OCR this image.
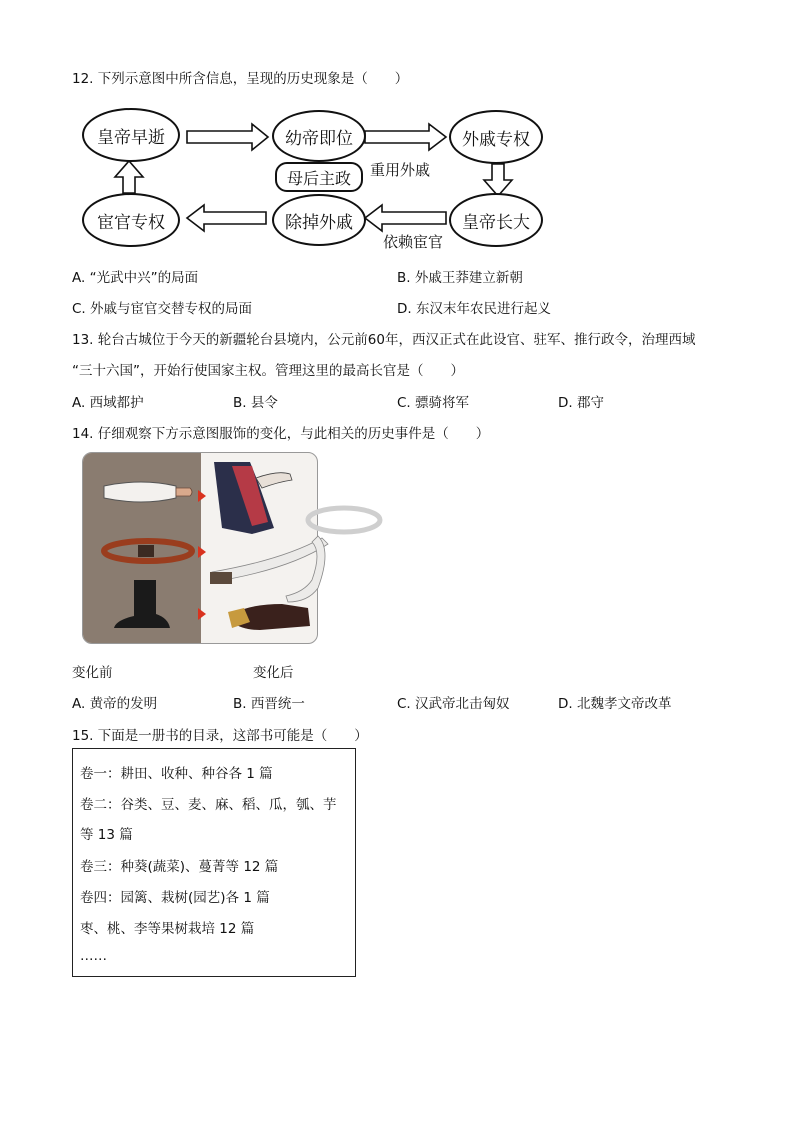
12. 下列示意图中所含信息，呈现的历史现象是（　　）
皇帝早逝	幼帝即位	外戚专权
皇帝长大
除掉外戚
宦官专权
母后主政	重用外戚
依赖宦官
A. “光武中兴”的局面	B. 外戚王莽建立新朝
C. 外戚与宦官交替专权的局面	D. 东汉末年农民进行起义
13. 轮台古城位于今天的新疆轮台县境内，公元前60年，西汉正式在此设官、驻军、推行政令，治理西域
“三十六国”，开始行使国家主权。管理这里的最高长官是（　　）
A. 西域都护	B. 县令	C. 骠骑将军	D. 郡守
14. 仔细观察下方示意图服饰的变化，与此相关的历史事件是（　　）
变化前	变化后
A. 黄帝的发明	B. 西晋统一	C. 汉武帝北击匈奴	D. 北魏孝文帝改革
15. 下面是一册书的目录，这部书可能是（　　）
卷一：耕田、收种、种谷各 1 篇
卷二：谷类、豆、麦、麻、稻、瓜，瓠、芋
等 13 篇
卷三：种葵(蔬菜)、蔓菁等 12 篇
卷四：园篱、栽树(园艺)各 1 篇
枣、桃、李等果树栽培 12 篇
……
